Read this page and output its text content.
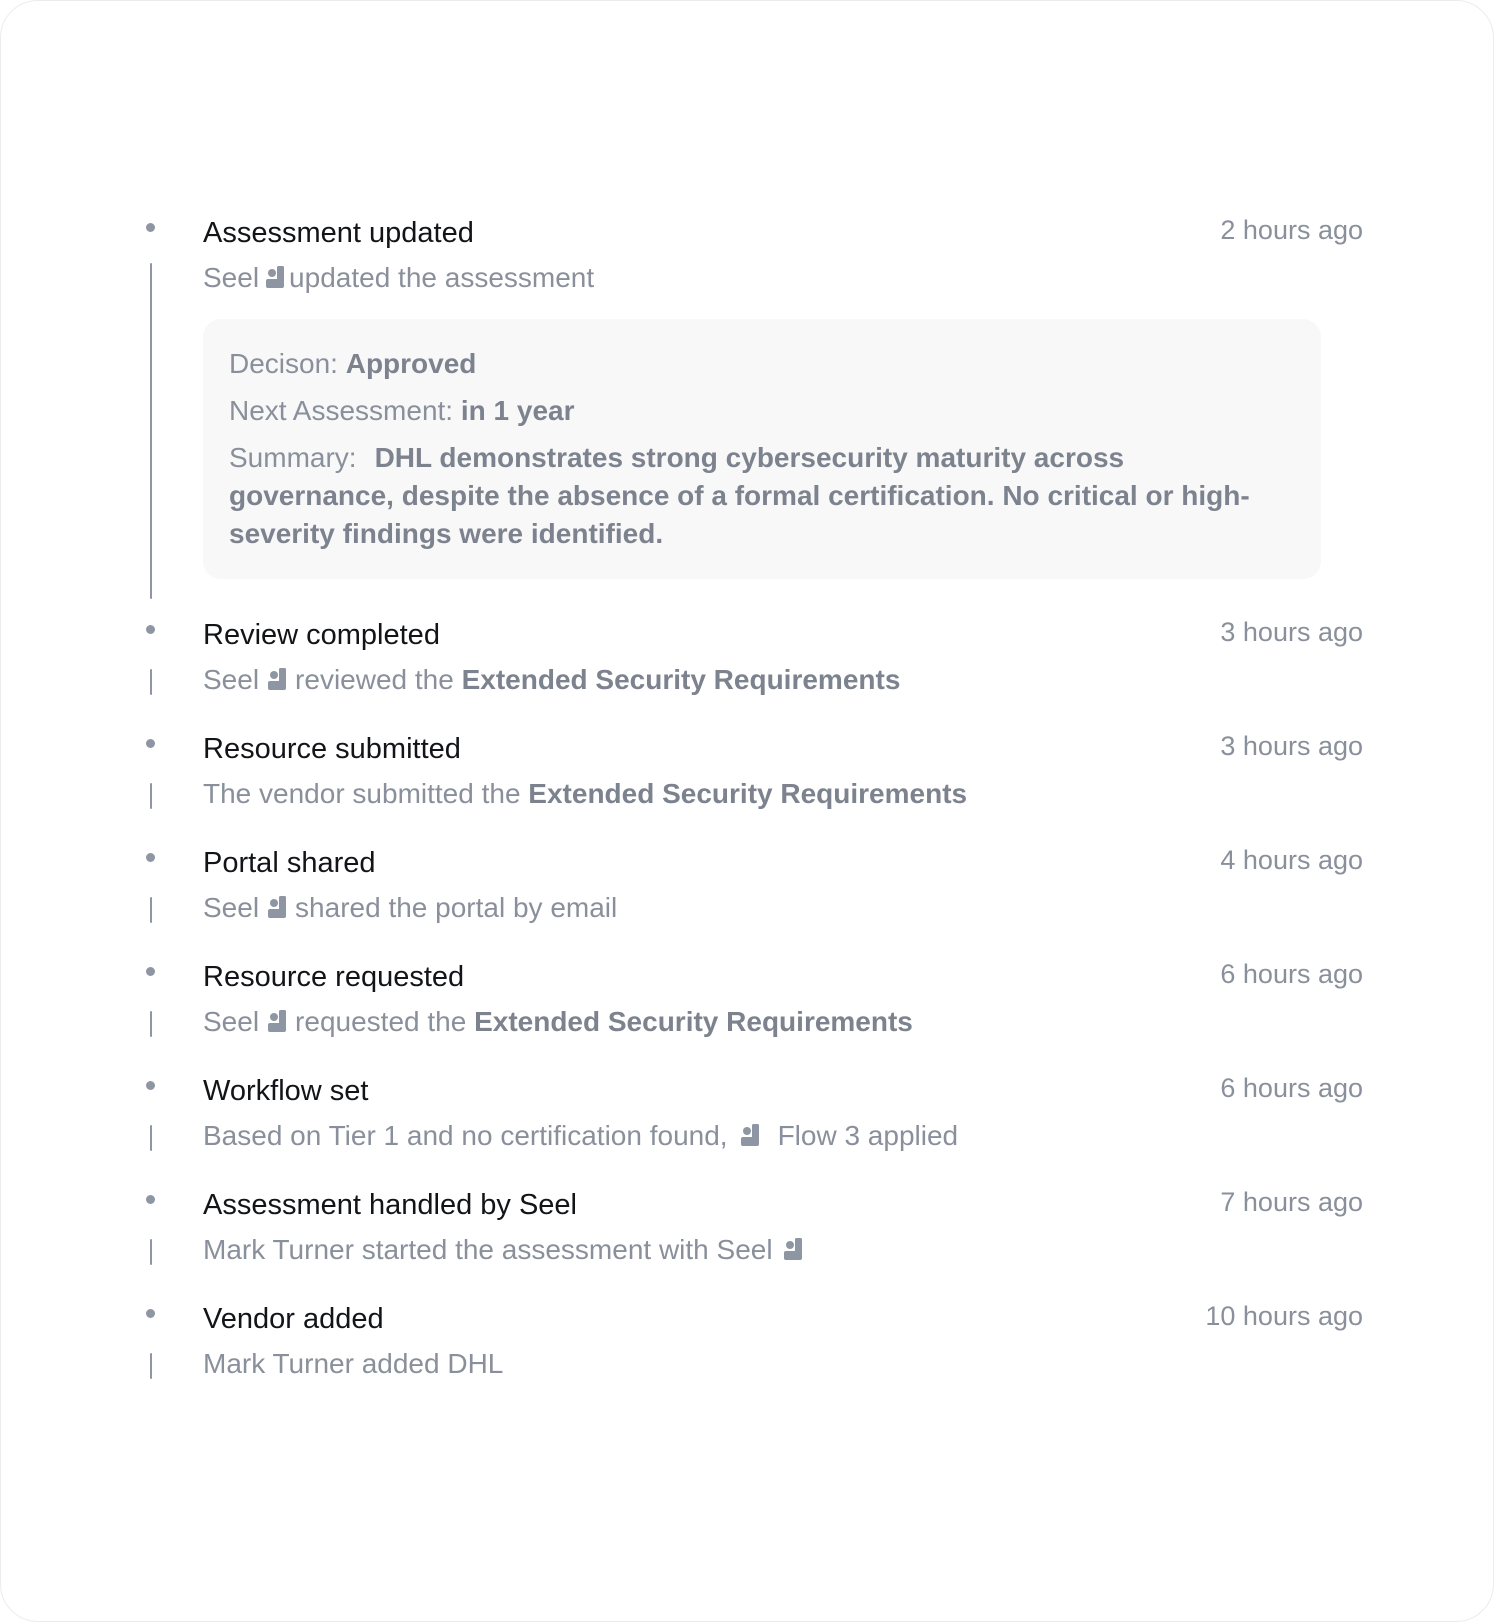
Assessment updated	2 hours ago
Seel updated the assessment
Decison: Approved
Next Assessment: in 1 year
Summary: DHL demonstrates strong cybersecurity maturity across governance, despite the absence of a formal certification. No critical or high-severity findings were identified.
Review completed	3 hours ago
Seel reviewed the Extended Security Requirements
Resource submitted	3 hours ago
The vendor submitted the Extended Security Requirements
Portal shared	4 hours ago
Seel shared the portal by email
Resource requested	6 hours ago
Seel requested the Extended Security Requirements
Workflow set	6 hours ago
Based on Tier 1 and no certification found, Flow 3 applied
Assessment handled by Seel	7 hours ago
Mark Turner started the assessment with Seel
Vendor added	10 hours ago
Mark Turner added DHL
